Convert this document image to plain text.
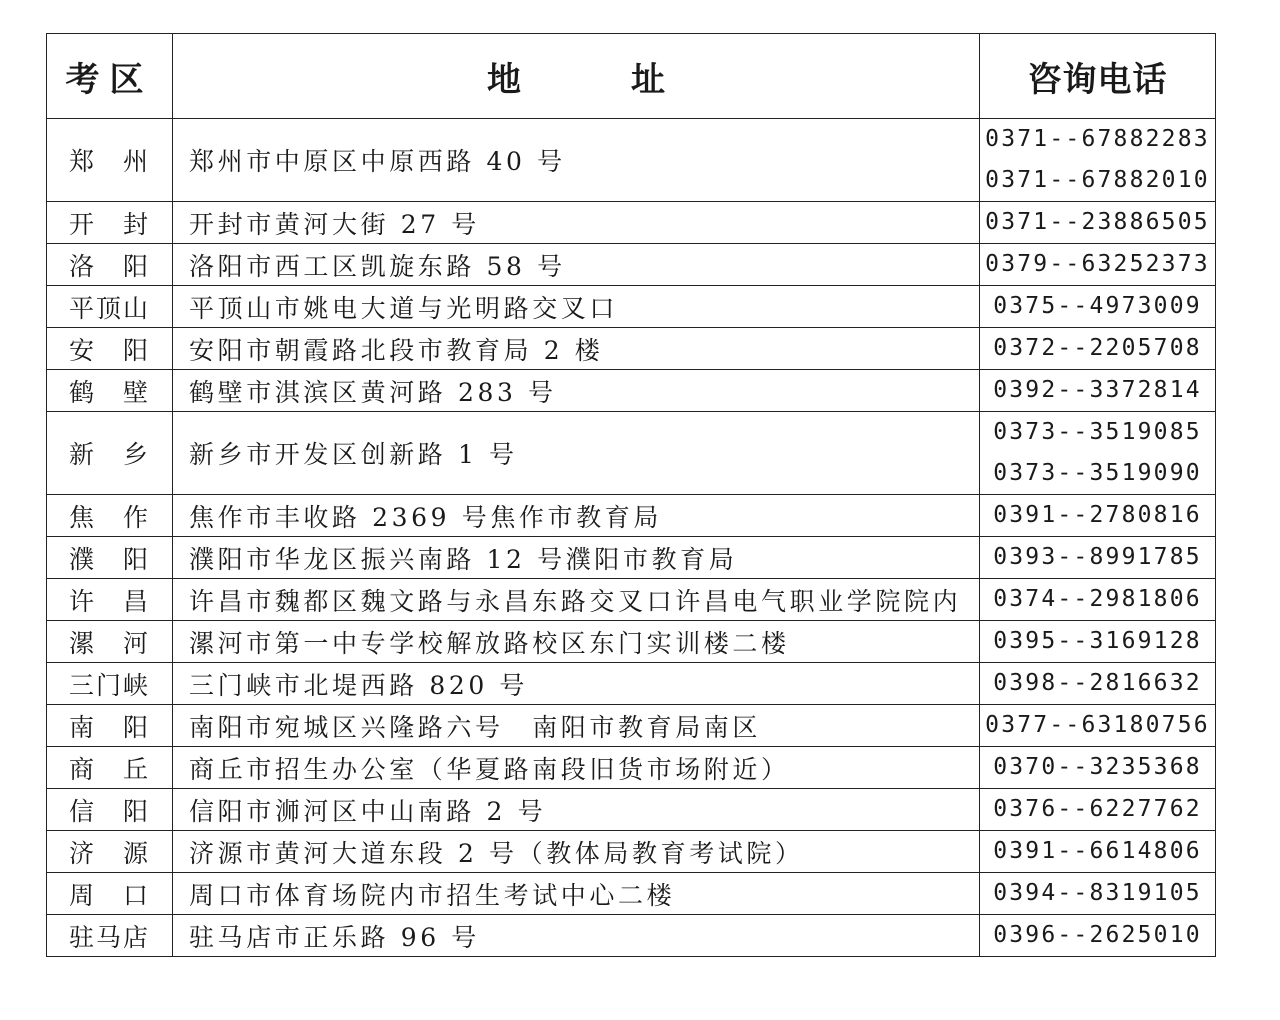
考区	地 址	咨询电话
郑州	郑州市中原区中原西路 40 号	0371--67882283
0371--67882010

开封	开封市黄河大街 27 号	0371--23886505

洛阳	洛阳市西工区凯旋东路 58 号	0379--63252373

平顶山	平顶山市姚电大道与光明路交叉口	0375--4973009

安阳	安阳市朝霞路北段市教育局 2 楼	0372--2205708

鹤壁	鹤壁市淇滨区黄河路 283 号	0392--3372814

新乡	新乡市开发区创新路 1 号	0373--3519085
0373--3519090

焦作	焦作市丰收路 2369 号焦作市教育局	0391--2780816

濮阳	濮阳市华龙区振兴南路 12 号濮阳市教育局	0393--8991785

许昌	许昌市魏都区魏文路与永昌东路交叉口许昌电气职业学院院内	0374--2981806

漯河	漯河市第一中专学校解放路校区东门实训楼二楼	0395--3169128

三门峡	三门峡市北堤西路 820 号	0398--2816632

南阳	南阳市宛城区兴隆路六号　南阳市教育局南区	0377--63180756

商丘	商丘市招生办公室（华夏路南段旧货市场附近）	0370--3235368

信阳	信阳市浉河区中山南路 2 号	0376--6227762

济源	济源市黄河大道东段 2 号（教体局教育考试院）	0391--6614806

周口	周口市体育场院内市招生考试中心二楼	0394--8319105

驻马店	驻马店市正乐路 96 号	0396--2625010
